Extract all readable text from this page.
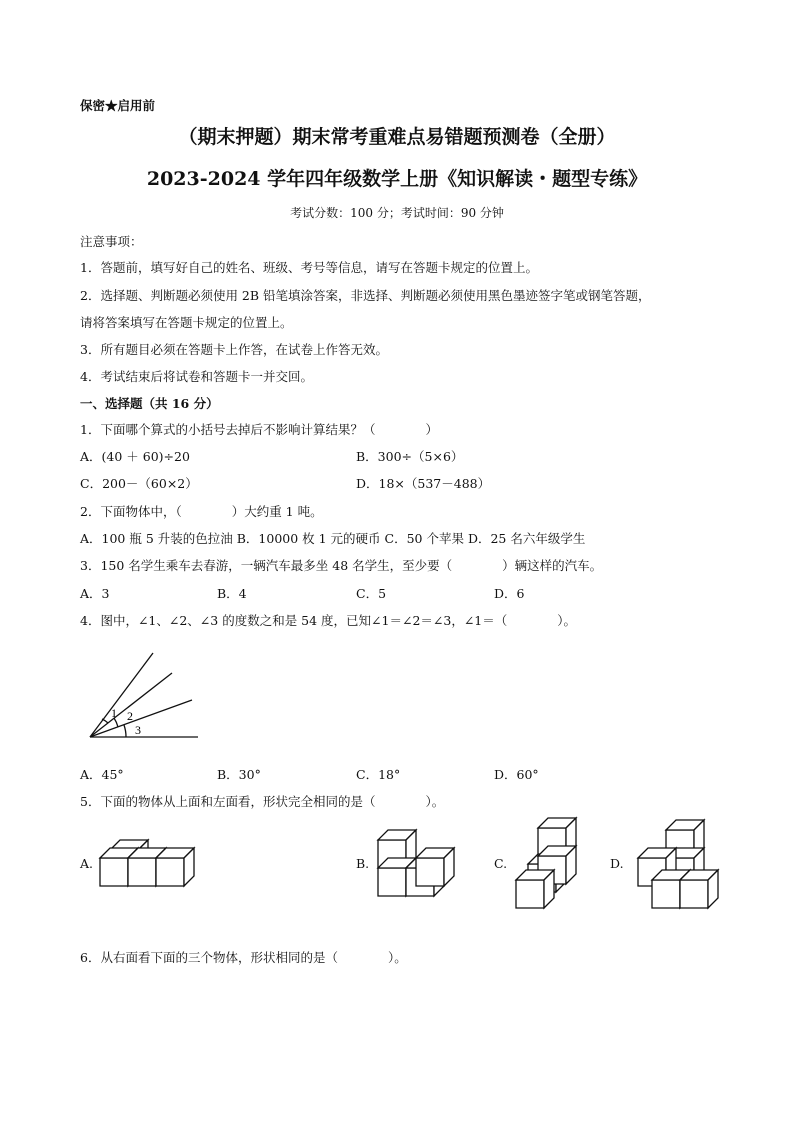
保密★启用前
（期末押题）期末常考重难点易错题预测卷（全册）
2023-2024 学年四年级数学上册《知识解读・题型专练》
考试分数：100 分；考试时间：90 分钟
注意事项：
1．答题前，填写好自己的姓名、班级、考号等信息，请写在答题卡规定的位置上。
2．选择题、判断题必须使用 2B 铅笔填涂答案，非选择、判断题必须使用黑色墨迹签字笔或钢笔答题，
请将答案填写在答题卡规定的位置上。
3．所有题目必须在答题卡上作答，在试卷上作答无效。
4．考试结束后将试卷和答题卡一并交回。
一、选择题（共 16 分）
1．下面哪个算式的小括号去掉后不影响计算结果？（　　　　）
A．(40 ＋ 60)÷20	B．300÷（5×6）
C．200－（60×2）	D．18×（537－488）
2．下面物体中，（　　　　）大约重 1 吨。
A．100 瓶 5 升装的色拉油 B．10000 枚 1 元的硬币 C．50 个苹果 D．25 名六年级学生
3．150 名学生乘车去春游，一辆汽车最多坐 48 名学生，至少要（　　　　）辆这样的汽车。
A．3	B．4	C．5	D．6
4．图中，∠1、∠2、∠3 的度数之和是 54 度，已知∠1＝∠2＝∠3，∠1＝（　　　　）。
1 2
3
A．45°	B．30°	C．18°	D．60°
5．下面的物体从上面和左面看，形状完全相同的是（　　　　）。
A.	B.	C.	D.
6．从右面看下面的三个物体，形状相同的是（　　　　）。
